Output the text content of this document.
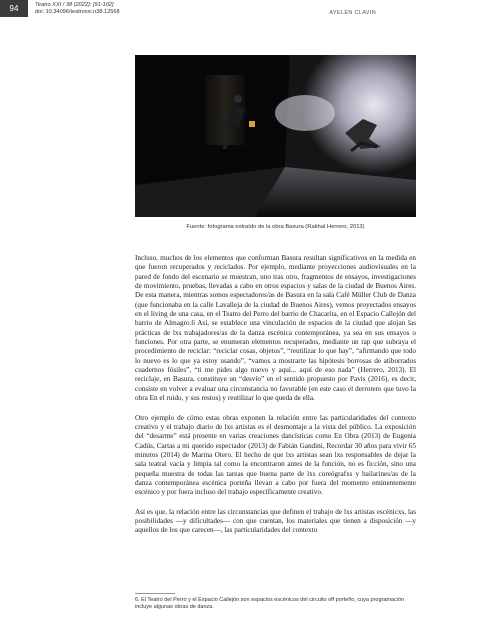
94	Teatro XXI / 38 (2022): [91-102]
doi: 10.34096/teatroxxi.n38.12568	AYELÉN CLAVIN
Fuente: fotograma extraído de la obra Basura (Rakhal Herrero, 2013)

Incluso, muchos de los elementos que conforman Basura resultan significativos en la medida en que fueron recuperados y reciclados. Por ejemplo, mediante proyecciones audiovisuales en la pared de fondo del escenario se muestran, uno tras otro, fragmentos de ensayos, investigaciones de movimiento, pruebas, llevadas a cabo en otros espacios y salas de la ciudad de Buenos Aires. De esta manera, mientras somos espectadores/as de Basura en la sala Café Müller Club de Danza (que funcionaba en la calle Lavalleja de la ciudad de Buenos Aires), vemos proyectados ensayos en el living de una casa, en el Teatro del Perro del barrio de Chacarita, en el Espacio Callejón del barrio de Almagro.6 Así, se establece una vinculación de espacios de la ciudad que alojan las prácticas de lxs trabajadores/as de la danza escénica contemporánea, ya sea en sus ensayos o funciones. Por otra parte, se enumeran elementos recuperados, mediante un rap que subraya el procedimiento de reciclar: “reciclar cosas, objetos”, “reutilizar lo que hay”, “afirmando que todo lo nuevo es lo que ya estoy usando”, “vamos a mostrarte las hipótesis borrosas de atiborrados cuadernos fósiles”, “ti me pides algo nuevo y aquí... aquí de eso nada” (Herrero, 2013). El reciclaje, en Basura, constituye un “desvío” en el sentido propuesto por Pavis (2016), es decir, consiste en volver a evaluar una circunstancia no favorable (en este caso el derrotero que tuvo la obra En el ruido, y sus restos) y reutilizar lo que queda de ella.

Otro ejemplo de cómo estas obras exponen la relación entre las particularidades del contexto creativo y el trabajo diario de lxs artistas es el desmontaje a la vista del público. La exposición del “desarme” está presente en varias creaciones dancísticas como En Obra (2013) de Eugenia Cadús, Cartas a mi querido espectador (2013) de Fabián Gandini, Recordar 30 años para vivir 65 minutos (2014) de Marina Otero. El hecho de que lxs artistas sean lxs responsables de dejar la sala teatral vacía y limpia tal como la encontraron antes de la función, no es ficción, sino una pequeña muestra de todas las tareas que buena parte de lxs coreógrafxs y bailarines/as de la danza contemporánea escénica porteña llevan a cabo por fuera del momento eminentemente escénico y por fuera incluso del trabajo específicamente creativo.

Así es que, la relación entre las circunstancias que definen el trabajo de lxs artistas escénicxs, las posibilidades —y dificultades— con que cuentan, los materiales que tienen a disposición —y aquellos de los que carecen—, las particularidades del contexto

6. El Teatro del Perro y el Espacio Callejón son espacios escénicos del circuito off porteño, cuya programación incluye algunas obras de danza.
